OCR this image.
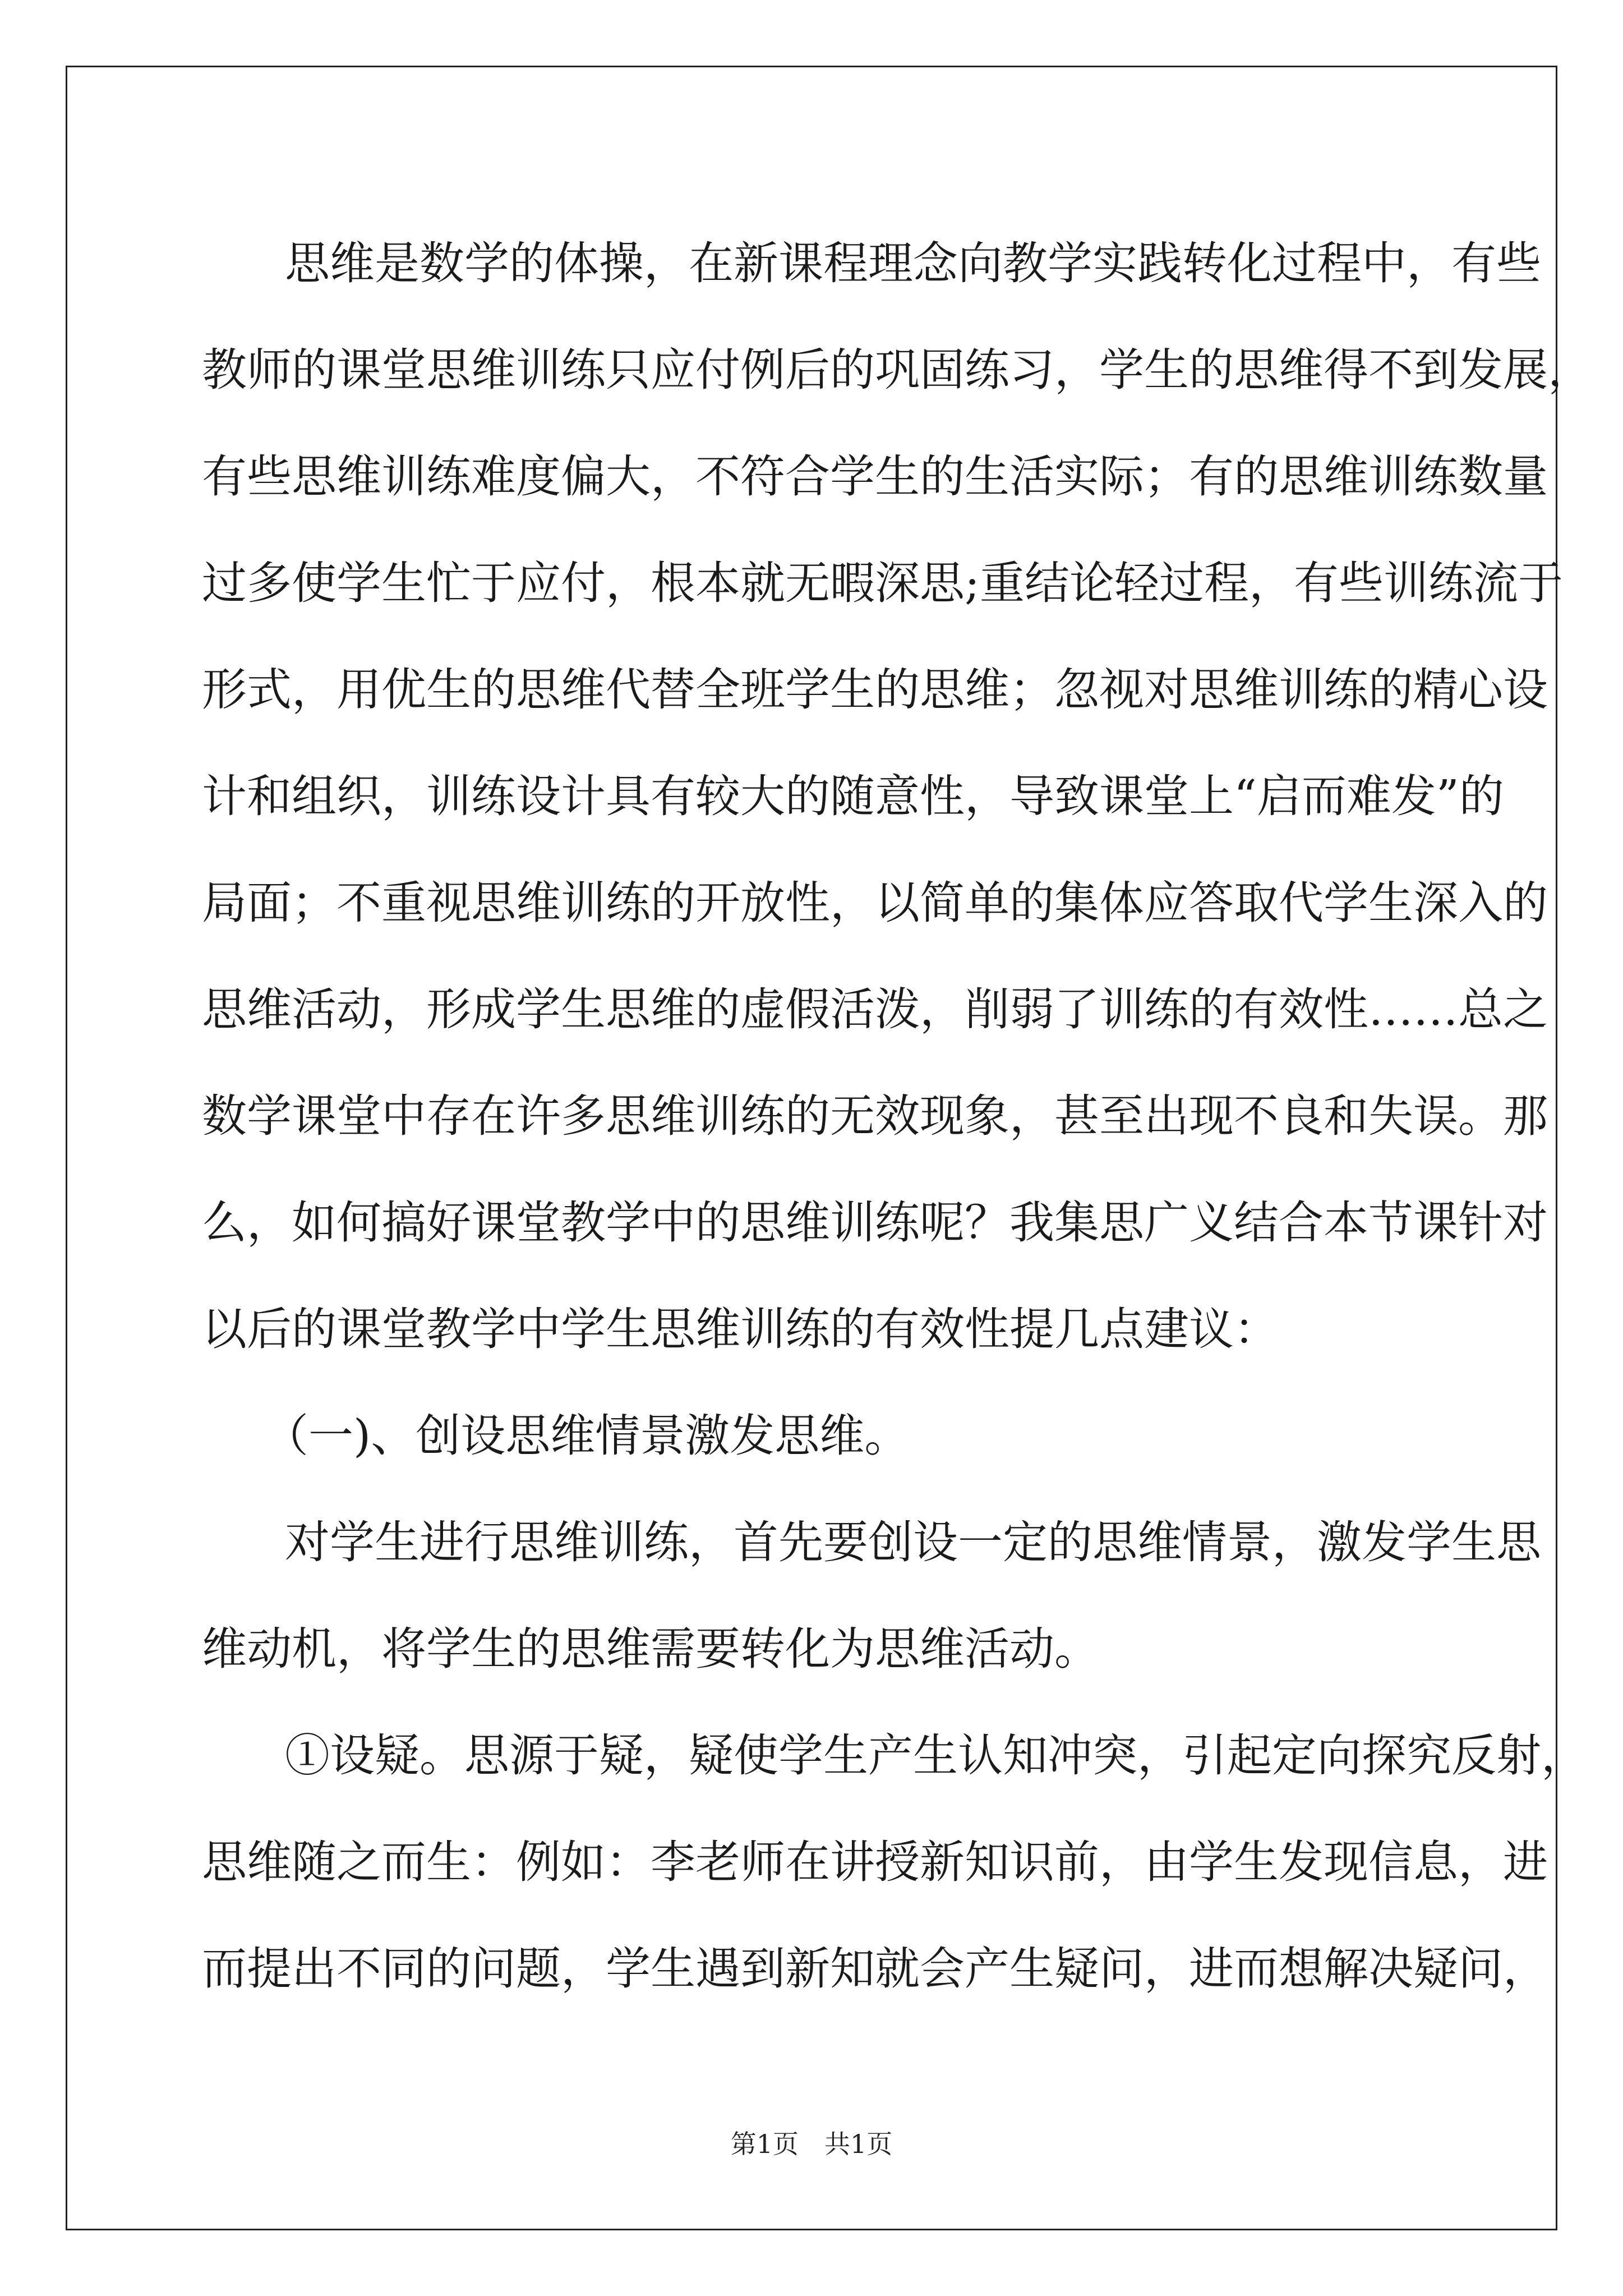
思维是数学的体操，在新课程理念向教学实践转化过程中，有些
教师的课堂思维训练只应付例后的巩固练习，学生的思维得不到发展，
有些思维训练难度偏大，不符合学生的生活实际；有的思维训练数量
过多使学生忙于应付，根本就无暇深思;重结论轻过程，有些训练流于
形式，用优生的思维代替全班学生的思维；忽视对思维训练的精心设
计和组织，训练设计具有较大的随意性，导致课堂上“启而难发”的
局面；不重视思维训练的开放性，以简单的集体应答取代学生深入的
思维活动，形成学生思维的虚假活泼，削弱了训练的有效性……总之
数学课堂中存在许多思维训练的无效现象，甚至出现不良和失误。那
么，如何搞好课堂教学中的思维训练呢？我集思广义结合本节课针对
以后的课堂教学中学生思维训练的有效性提几点建议：
（一)、创设思维情景激发思维。
对学生进行思维训练，首先要创设一定的思维情景，激发学生思
维动机，将学生的思维需要转化为思维活动。
①设疑。思源于疑，疑使学生产生认知冲突，引起定向探究反射，
思维随之而生：例如：李老师在讲授新知识前，由学生发现信息，进
而提出不同的问题，学生遇到新知就会产生疑问，进而想解决疑问，
第1页　共1页
